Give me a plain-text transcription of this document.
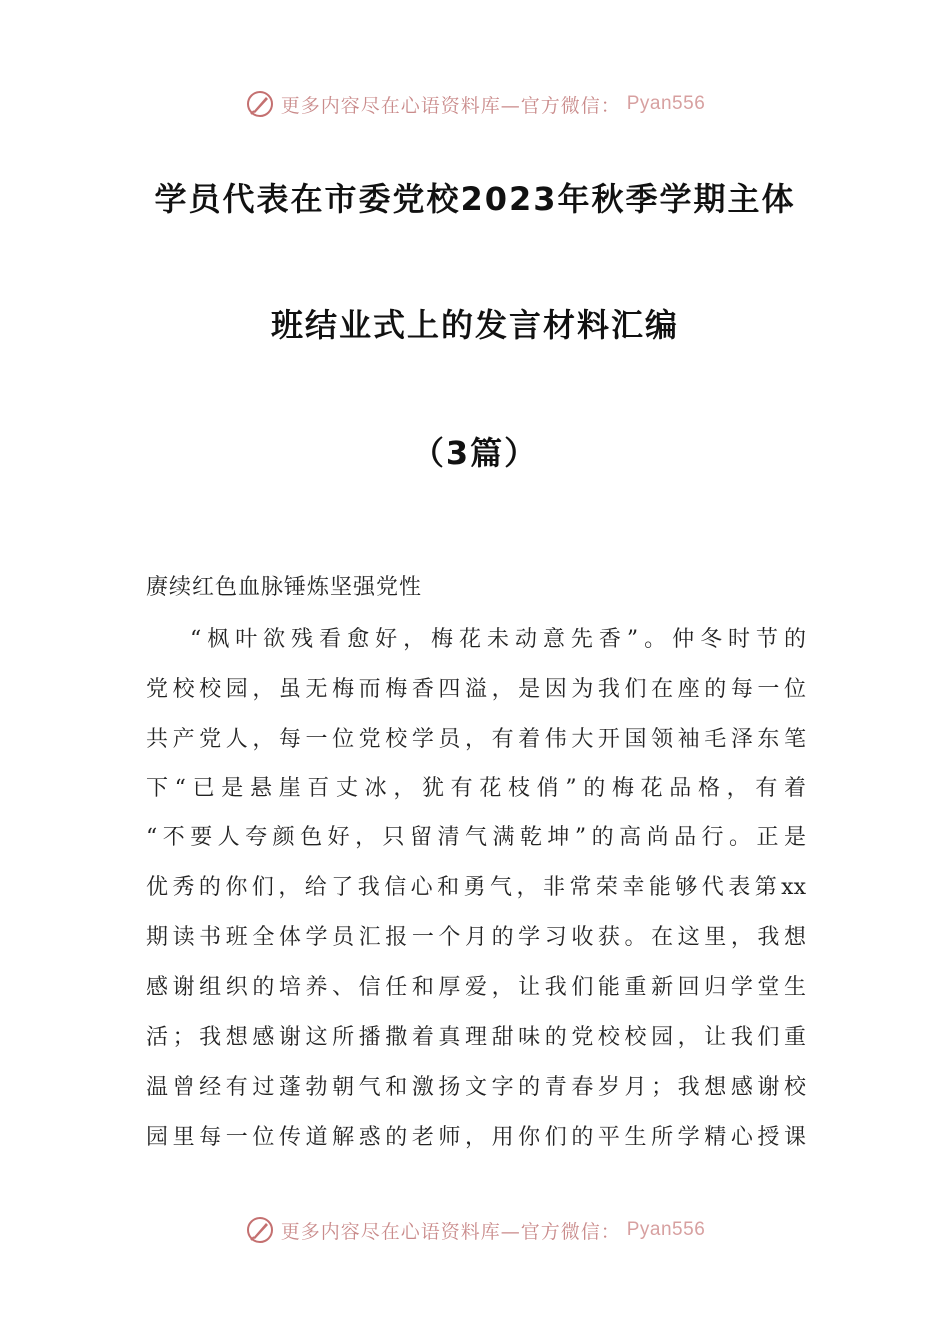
更多内容尽在心语资料库—官方微信： Pyan556
学员代表在市委党校2023年秋季学期主体
班结业式上的发言材料汇编
（3篇）
赓续红色血脉锤炼坚强党性
“枫叶欲残看愈好，梅花未动意先香”。仲冬时节的
党校校园，虽无梅而梅香四溢，是因为我们在座的每一位
共产党人，每一位党校学员，有着伟大开国领袖毛泽东笔
下“已是悬崖百丈冰，犹有花枝俏”的梅花品格，有着
“不要人夸颜色好，只留清气满乾坤”的高尚品行。正是
优秀的你们，给了我信心和勇气，非常荣幸能够代表第xx
期读书班全体学员汇报一个月的学习收获。在这里，我想
感谢组织的培养、信任和厚爱，让我们能重新回归学堂生
活；我想感谢这所播撒着真理甜味的党校校园，让我们重
温曾经有过蓬勃朝气和激扬文字的青春岁月；我想感谢校
园里每一位传道解惑的老师，用你们的平生所学精心授课
更多内容尽在心语资料库—官方微信： Pyan556
